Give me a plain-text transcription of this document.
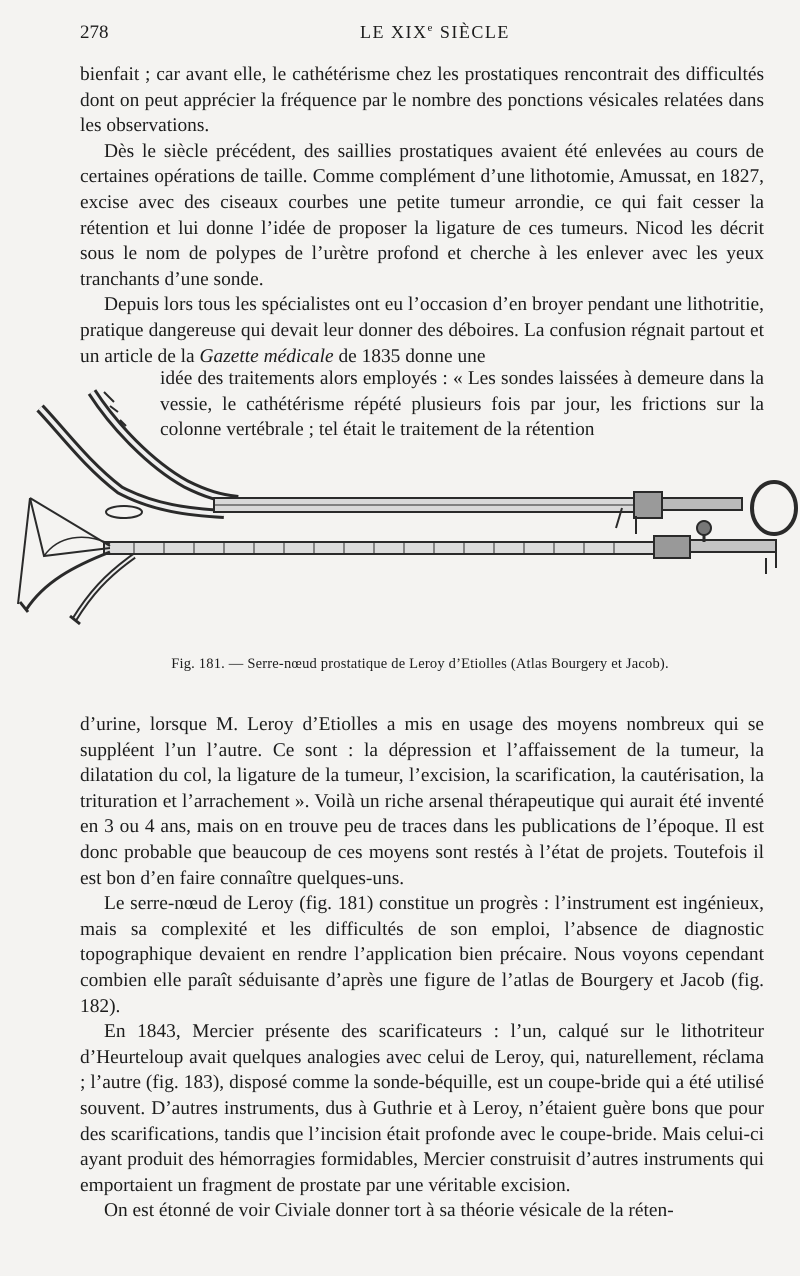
278	LE XIXe SIÈCLE

bienfait ; car avant elle, le cathétérisme chez les prostatiques rencontrait des difficultés dont on peut apprécier la fréquence par le nombre des ponctions vésicales relatées dans les observations.

Dès le siècle précédent, des saillies prostatiques avaient été enlevées au cours de certaines opérations de taille. Comme complément d’une lithotomie, Amussat, en 1827, excise avec des ciseaux courbes une petite tumeur arrondie, ce qui fait cesser la rétention et lui donne l’idée de proposer la ligature de ces tumeurs. Nicod les décrit sous le nom de polypes de l’urètre profond et cherche à les enlever avec les yeux tranchants d’une sonde.

Depuis lors tous les spécialistes ont eu l’occasion d’en broyer pendant une lithotritie, pratique dangereuse qui devait leur donner des déboires. La confusion régnait partout et un article de la Gazette médicale de 1835 donne une

idée des traitements alors employés : « Les sondes laissées à demeure dans la vessie, le cathétérisme répété plusieurs fois par jour, les frictions sur la colonne vertébrale ; tel était le traitement de la rétention

Fig. 181. — Serre-nœud prostatique de Leroy d’Etiolles (Atlas Bourgery et Jacob).

d’urine, lorsque M. Leroy d’Etiolles a mis en usage des moyens nombreux qui se suppléent l’un l’autre. Ce sont : la dépression et l’affaissement de la tumeur, la dilatation du col, la ligature de la tumeur, l’excision, la scarification, la cautérisation, la trituration et l’arrachement ». Voilà un riche arsenal thérapeutique qui aurait été inventé en 3 ou 4 ans, mais on en trouve peu de traces dans les publications de l’époque. Il est donc probable que beaucoup de ces moyens sont restés à l’état de projets. Toutefois il est bon d’en faire connaître quelques-uns.

Le serre-nœud de Leroy (fig. 181) constitue un progrès : l’instrument est ingénieux, mais sa complexité et les difficultés de son emploi, l’absence de diagnostic topographique devaient en rendre l’application bien précaire. Nous voyons cependant combien elle paraît séduisante d’après une figure de l’atlas de Bourgery et Jacob (fig. 182).

En 1843, Mercier présente des scarificateurs : l’un, calqué sur le lithotriteur d’Heurteloup avait quelques analogies avec celui de Leroy, qui, naturellement, réclama ; l’autre (fig. 183), disposé comme la sonde-béquille, est un coupe-bride qui a été utilisé souvent. D’autres instruments, dus à Guthrie et à Leroy, n’étaient guère bons que pour des scarifications, tandis que l’incision était profonde avec le coupe-bride. Mais celui-ci ayant produit des hémorragies formidables, Mercier construisit d’autres instruments qui emportaient un fragment de prostate par une véritable excision.

On est étonné de voir Civiale donner tort à sa théorie vésicale de la réten-
